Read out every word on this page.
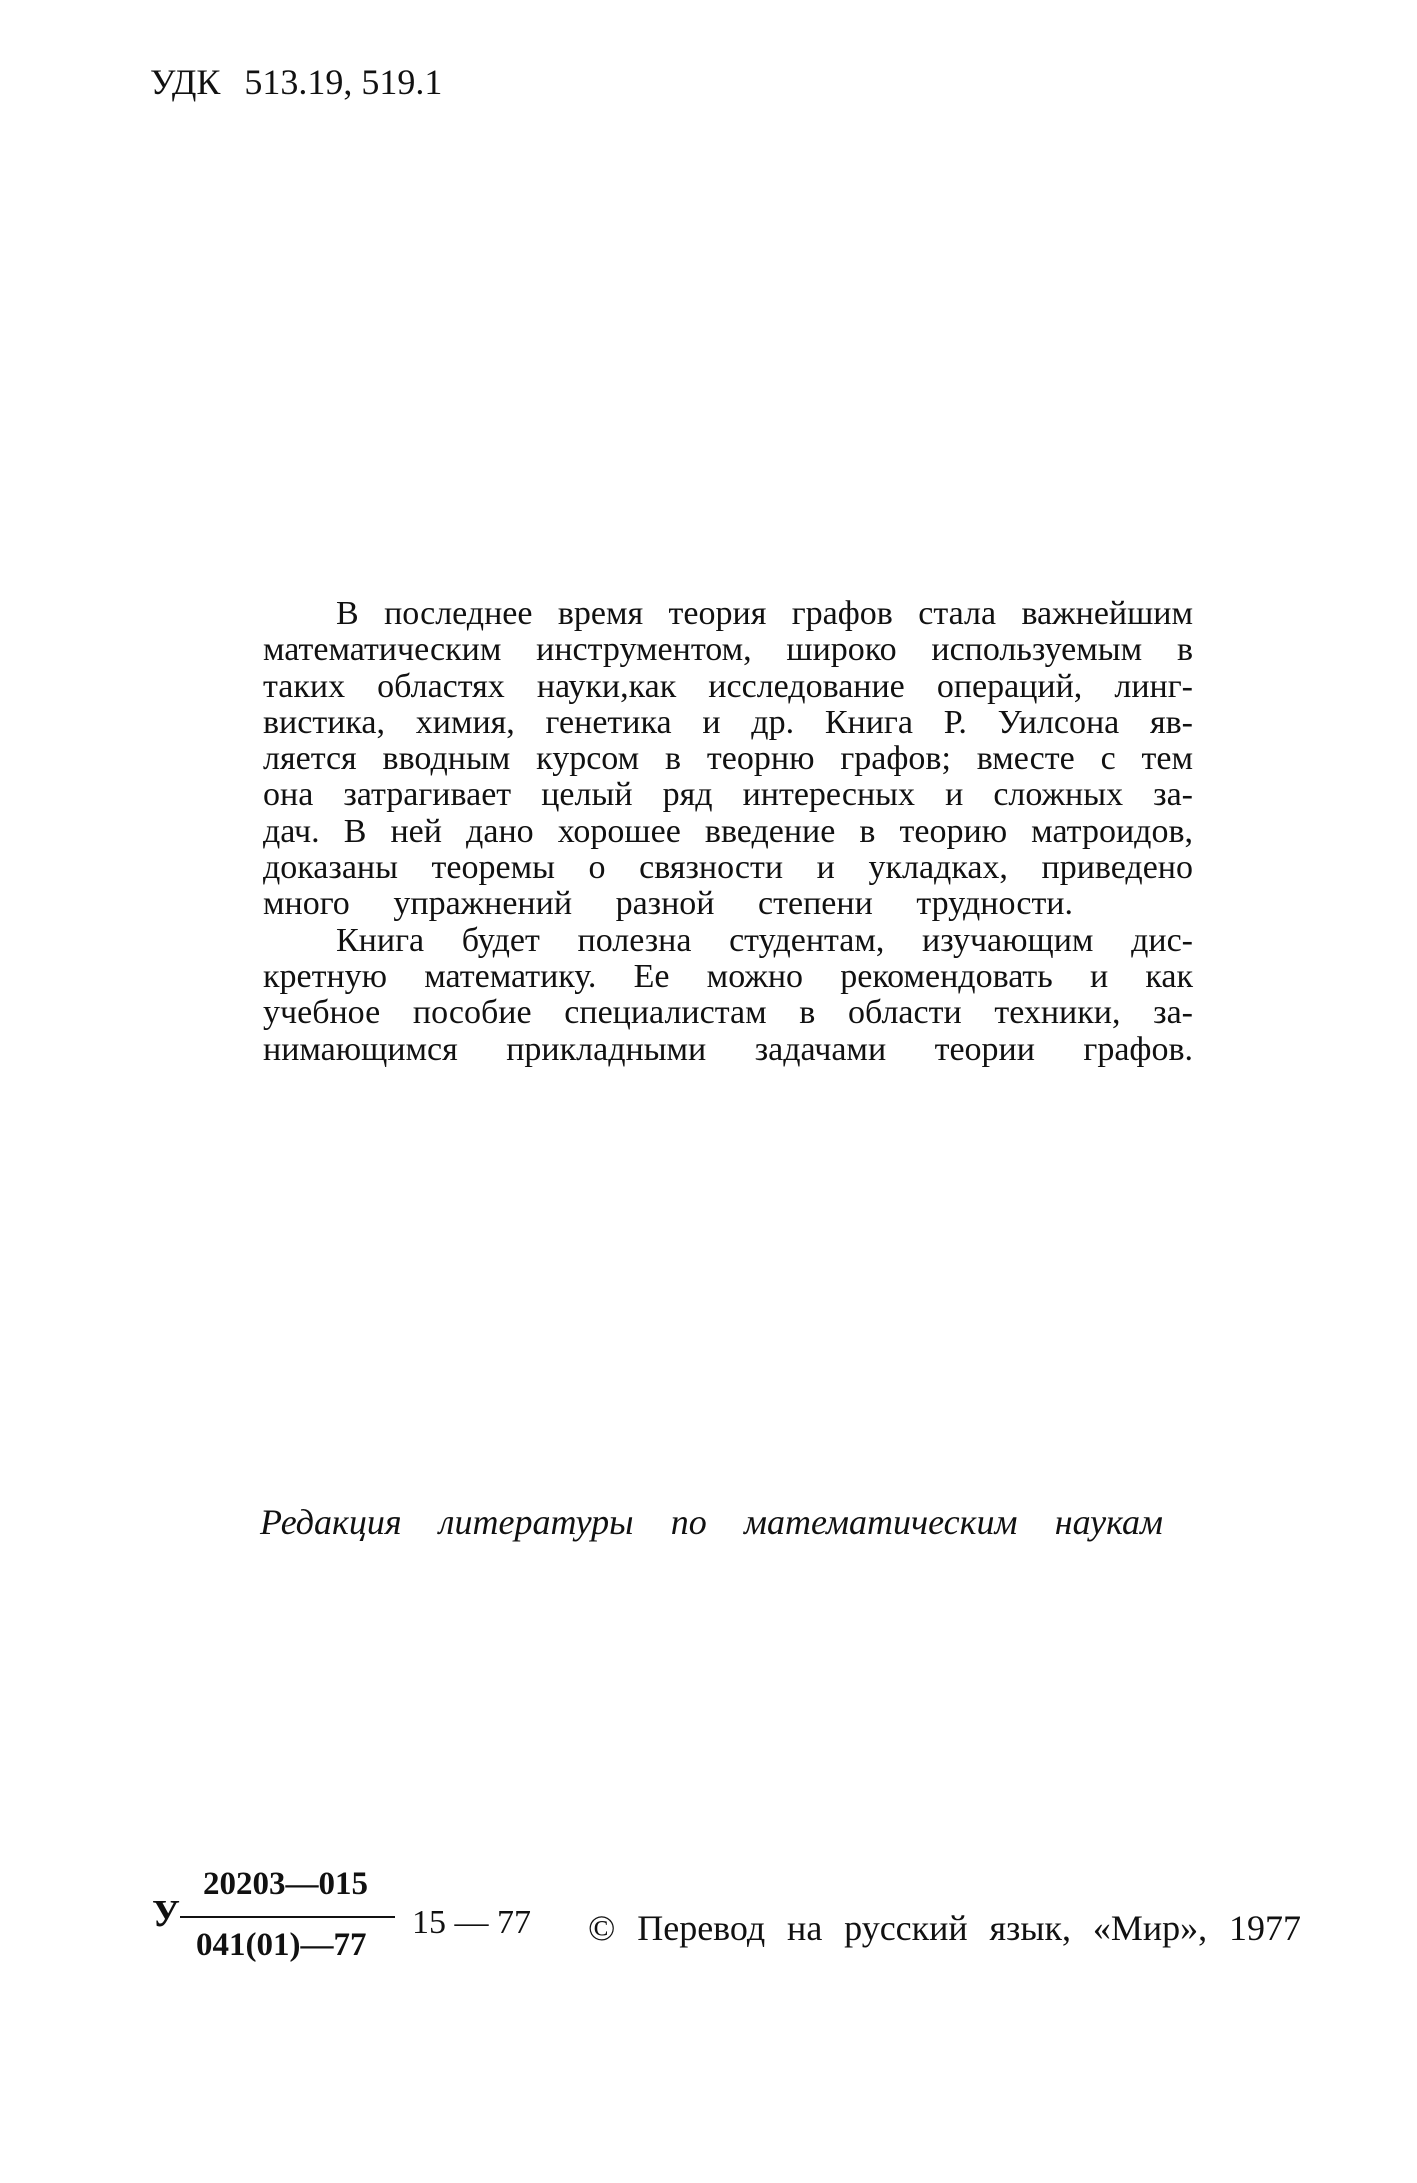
УДК 513.19, 519.1
В последнее время теория графов стала важнейшим
математическим инструментом, широко используемым в
таких областях науки,как исследование операций, линг-
вистика, химия, генетика и др. Книга Р. Уилсона яв-
ляется вводным курсом в теорню графов; вместе с тем
она затрагивает целый ряд интересных и сложных за-
дач. В ней дано хорошее введение в теорию матроидов,
доказаны теоремы о связности и укладках, приведено
много упражнений разной степени трудности.
Книга будет полезна студентам, изучающим дис-
кретную математику. Ее можно рекомендовать и как
учебное пособие специалистам в области техники, за-
нимающимся прикладными задачами теории графов.
Редакция литературы по математическим наукам
У
20203—015
041(01)—77
15 — 77 © Перевод на русский язык, «Мир», 1977
